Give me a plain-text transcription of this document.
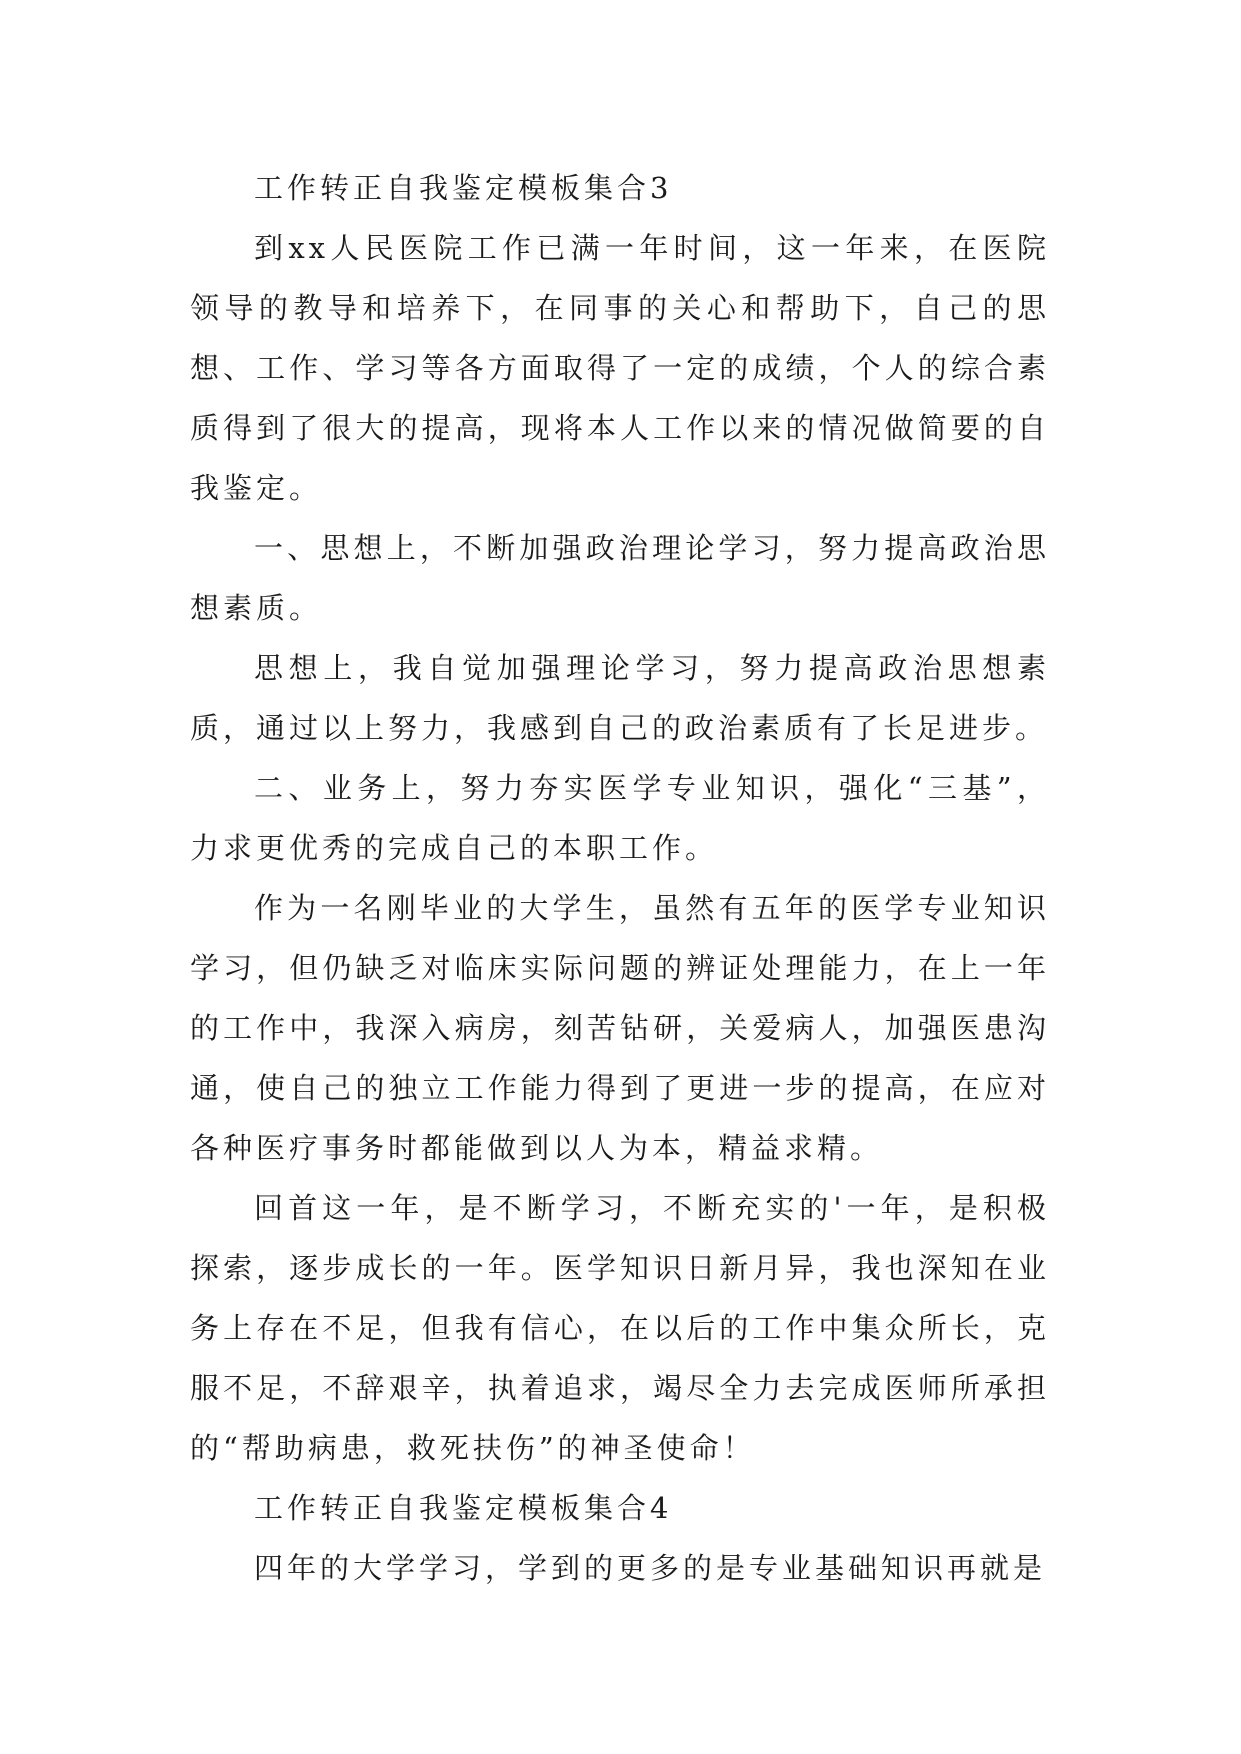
工作转正自我鉴定模板集合3

到xx人民医院工作已满一年时间，这一年来，在医院领导的教导和培养下，在同事的关心和帮助下，自己的思想、工作、学习等各方面取得了一定的成绩，个人的综合素质得到了很大的提高，现将本人工作以来的情况做简要的自我鉴定。

一、思想上，不断加强政治理论学习，努力提高政治思想素质。

思想上，我自觉加强理论学习，努力提高政治思想素质，通过以上努力，我感到自己的政治素质有了长足进步。

二、业务上，努力夯实医学专业知识，强化“三基”，力求更优秀的完成自己的本职工作。

作为一名刚毕业的大学生，虽然有五年的医学专业知识学习，但仍缺乏对临床实际问题的辨证处理能力，在上一年的工作中，我深入病房，刻苦钻研，关爱病人，加强医患沟通，使自己的独立工作能力得到了更进一步的提高，在应对各种医疗事务时都能做到以人为本，精益求精。

回首这一年，是不断学习，不断充实的'一年，是积极探索，逐步成长的一年。医学知识日新月异，我也深知在业务上存在不足，但我有信心，在以后的工作中集众所长，克服不足，不辞艰辛，执着追求，竭尽全力去完成医师所承担的“帮助病患，救死扶伤”的神圣使命！

工作转正自我鉴定模板集合4

四年的大学学习，学到的更多的是专业基础知识再就是
